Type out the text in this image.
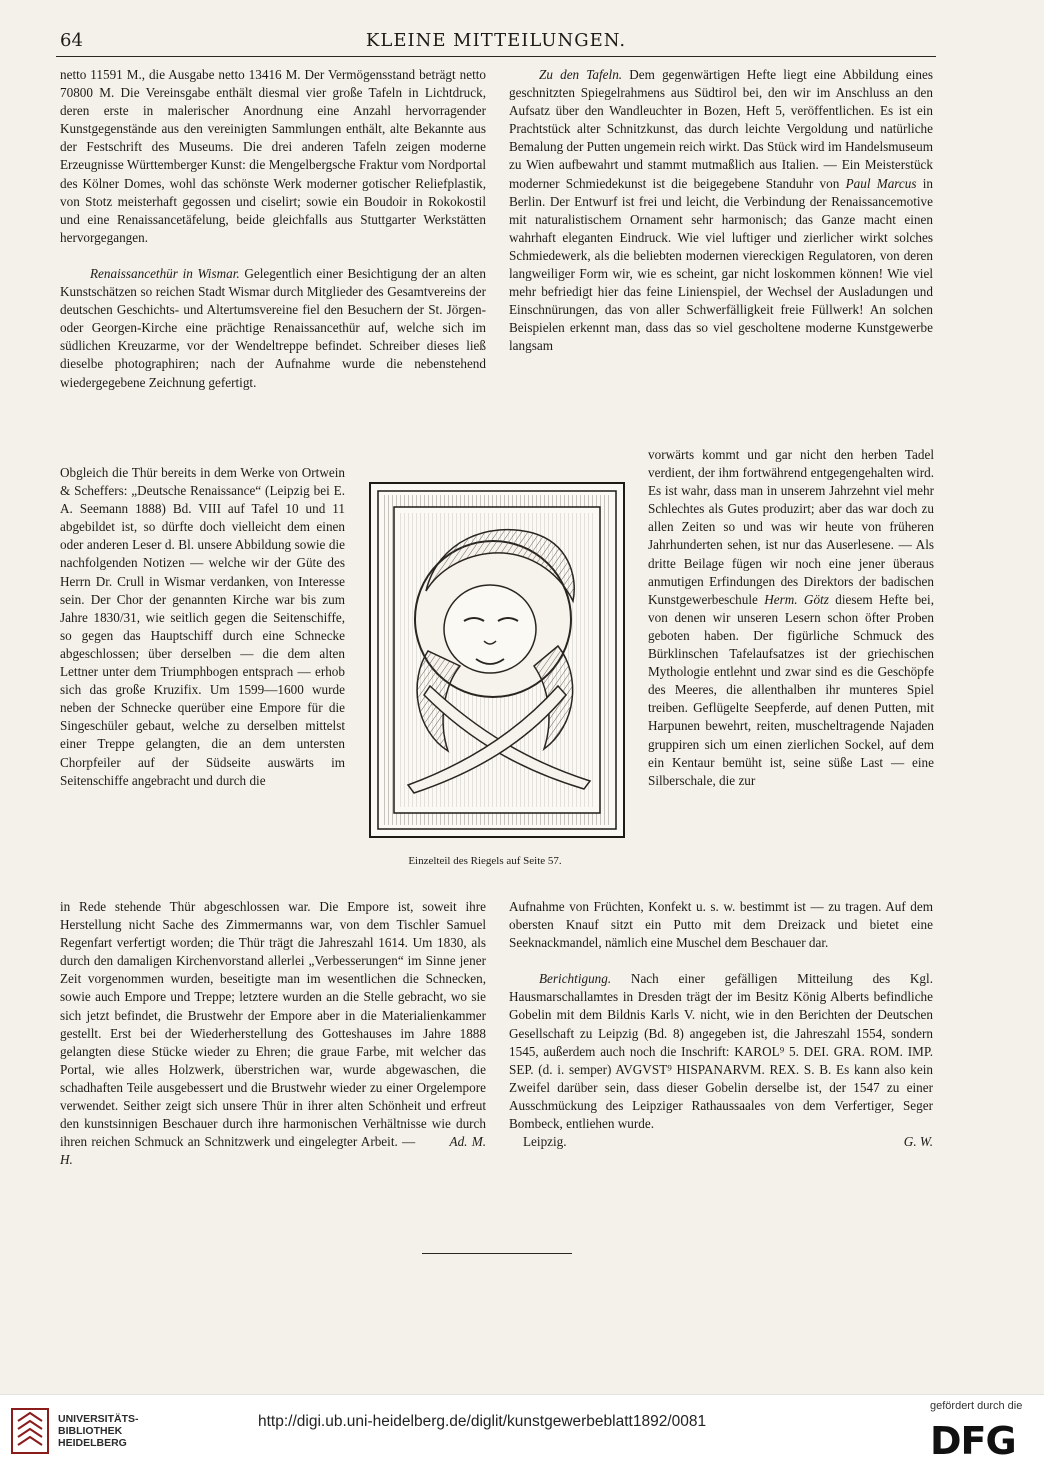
64	KLEINE MITTEILUNGEN.

netto 11591 M., die Ausgabe netto 13416 M. Der Vermögensstand beträgt netto 70800 M. Die Vereinsgabe enthält diesmal vier große Tafeln in Lichtdruck, deren erste in malerischer Anordnung eine Anzahl hervorragender Kunstgegenstände aus den vereinigten Sammlungen enthält, alte Bekannte aus der Festschrift des Museums. Die drei anderen Tafeln zeigen moderne Erzeugnisse Württemberger Kunst: die Mengelbergsche Fraktur vom Nordportal des Kölner Domes, wohl das schönste Werk moderner gotischer Reliefplastik, von Stotz meisterhaft gegossen und ciselirt; sowie ein Boudoir in Rokokostil und eine Renaissancetäfelung, beide gleichfalls aus Stuttgarter Werkstätten hervorgegangen.

Renaissancethür in Wismar. Gelegentlich einer Besichtigung der an alten Kunstschätzen so reichen Stadt Wismar durch Mitglieder des Gesamtvereins der deutschen Geschichts- und Altertumsvereine fiel den Besuchern der St. Jörgen- oder Georgen-Kirche eine prächtige Renaissancethür auf, welche sich im südlichen Kreuzarme, vor der Wendeltreppe befindet. Schreiber dieses ließ dieselbe photographiren; nach der Aufnahme wurde die nebenstehend wiedergegebene Zeichnung gefertigt.

Obgleich die Thür bereits in dem Werke von Ortwein & Scheffers: „Deutsche Renaissance“ (Leipzig bei E. A. Seemann 1888) Bd. VIII auf Tafel 10 und 11 abgebildet ist, so dürfte doch vielleicht dem einen oder anderen Leser d. Bl. unsere Abbildung sowie die nachfolgenden Notizen — welche wir der Güte des Herrn Dr. Crull in Wismar verdanken, von Interesse sein. Der Chor der genannten Kirche war bis zum Jahre 1830/31, wie seitlich gegen die Seitenschiffe, so gegen das Hauptschiff durch eine Schnecke abgeschlossen; über derselben — die dem alten Lettner unter dem Triumphbogen entsprach — erhob sich das große Kruzifix. Um 1599—1600 wurde neben der Schnecke querüber eine Empore für die Singeschüler gebaut, welche zu derselben mittelst einer Treppe gelangten, die an dem untersten Chorpfeiler auf der Südseite auswärts im Seitenschiffe angebracht und durch die

in Rede stehende Thür abgeschlossen war. Die Empore ist, soweit ihre Herstellung nicht Sache des Zimmermanns war, von dem Tischler Samuel Regenfart verfertigt worden; die Thür trägt die Jahreszahl 1614. Um 1830, als durch den damaligen Kirchenvorstand allerlei „Verbesserungen“ im Sinne jener Zeit vorgenommen wurden, beseitigte man im wesentlichen die Schnecken, sowie auch Empore und Treppe; letztere wurden an die Stelle gebracht, wo sie sich jetzt befindet, die Brustwehr der Empore aber in die Materialienkammer gestellt. Erst bei der Wiederherstellung des Gotteshauses im Jahre 1888 gelangten diese Stücke wieder zu Ehren; die graue Farbe, mit welcher das Portal, wie alles Holzwerk, überstrichen war, wurde abgewaschen, die schadhaften Teile ausgebessert und die Brustwehr wieder zu einer Orgelempore verwendet. Seither zeigt sich unsere Thür in ihrer alten Schönheit und erfreut den kunstsinnigen Beschauer durch ihre harmonischen Verhältnisse wie durch ihren reichen Schmuck an Schnitzwerk und eingelegter Arbeit. —	Ad. M. H.

Zu den Tafeln. Dem gegenwärtigen Hefte liegt eine Abbildung eines geschnitzten Spiegelrahmens aus Südtirol bei, den wir im Anschluss an den Aufsatz über den Wandleuchter in Bozen, Heft 5, veröffentlichen. Es ist ein Prachtstück alter Schnitzkunst, das durch leichte Vergoldung und natürliche Bemalung der Putten ungemein reich wirkt. Das Stück wird im Handelsmuseum zu Wien aufbewahrt und stammt mutmaßlich aus Italien. — Ein Meisterstück moderner Schmiedekunst ist die beigegebene Standuhr von Paul Marcus in Berlin. Der Entwurf ist frei und leicht, die Verbindung der Renaissancemotive mit naturalistischem Ornament sehr harmonisch; das Ganze macht einen wahrhaft eleganten Eindruck. Wie viel luftiger und zierlicher wirkt solches Schmiedewerk, als die beliebten modernen viereckigen Regulatoren, von deren langweiliger Form wir, wie es scheint, gar nicht loskommen können! Wie viel mehr befriedigt hier das feine Linienspiel, der Wechsel der Ausladungen und Einschnürungen, das von aller Schwerfälligkeit freie Füllwerk! An solchen Beispielen erkennt man, dass das so viel gescholtene moderne Kunstgewerbe langsam

vorwärts kommt und gar nicht den herben Tadel verdient, der ihm fortwährend entgegengehalten wird. Es ist wahr, dass man in unserem Jahrzehnt viel mehr Schlechtes als Gutes produzirt; aber das war doch zu allen Zeiten so und was wir heute von früheren Jahrhunderten sehen, ist nur das Auserlesene. — Als dritte Beilage fügen wir noch eine jener überaus anmutigen Erfindungen des Direktors der badischen Kunstgewerbeschule Herm. Götz diesem Hefte bei, von denen wir unseren Lesern schon öfter Proben geboten haben. Der figürliche Schmuck des Bürklinschen Tafelaufsatzes ist der griechischen Mythologie entlehnt und zwar sind es die Geschöpfe des Meeres, die allenthalben ihr munteres Spiel treiben. Geflügelte Seepferde, auf denen Putten, mit Harpunen bewehrt, reiten, muscheltragende Najaden gruppiren sich um einen zierlichen Sockel, auf dem ein Kentaur bemüht ist, seine süße Last — eine Silberschale, die zur

Aufnahme von Früchten, Konfekt u. s. w. bestimmt ist — zu tragen. Auf dem obersten Knauf sitzt ein Putto mit dem Dreizack und bietet eine Seeknackmandel, nämlich eine Muschel dem Beschauer dar.

Berichtigung. Nach einer gefälligen Mitteilung des Kgl. Hausmarschallamtes in Dresden trägt der im Besitz König Alberts befindliche Gobelin mit dem Bildnis Karls V. nicht, wie in den Berichten der Deutschen Gesellschaft zu Leipzig (Bd. 8) angegeben ist, die Jahreszahl 1554, sondern 1545, außerdem auch noch die Inschrift: KAROL⁹ 5. DEI. GRA. ROM. IMP. SEP. (d. i. semper) AVGVST⁹ HISPANARVM. REX. S. B. Es kann also kein Zweifel darüber sein, dass dieser Gobelin derselbe ist, der 1547 zu einer Ausschmückung des Leipziger Rathaussaales von dem Verfertiger, Seger Bombeck, entliehen wurde.

Leipzig.	G. W.

Einzelteil des Riegels auf Seite 57.
UNIVERSITÄTS-
BIBLIOTHEK
HEIDELBERG
http://digi.ub.uni-heidelberg.de/diglit/kunstgewerbeblatt1892/0081
gefördert durch die
DFG
